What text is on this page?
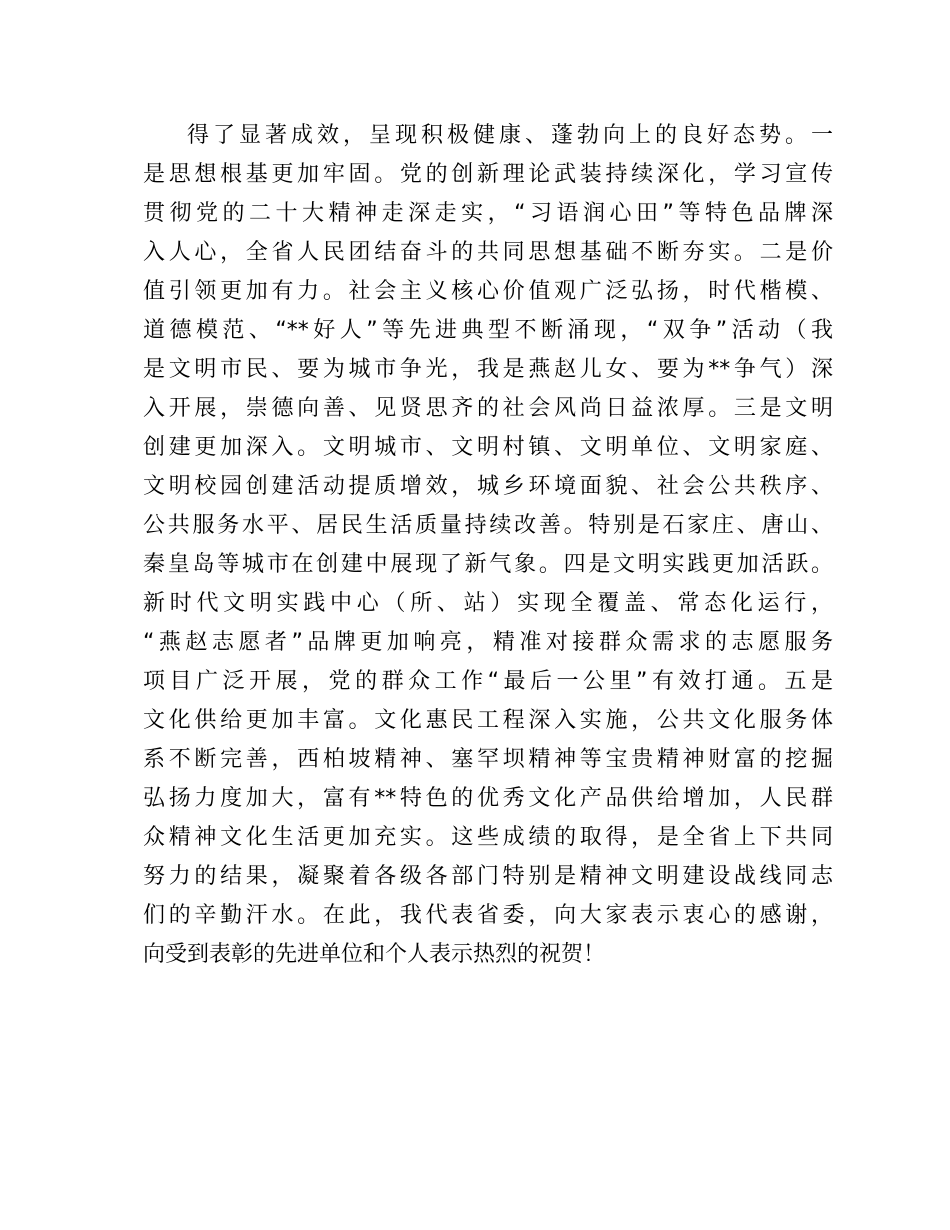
得了显著成效，呈现积极健康、蓬勃向上的良好态势。一
是思想根基更加牢固。党的创新理论武装持续深化，学习宣传
贯彻党的二十大精神走深走实，“习语润心田”等特色品牌深
入人心，全省人民团结奋斗的共同思想基础不断夯实。二是价
值引领更加有力。社会主义核心价值观广泛弘扬，时代楷模、
道德模范、“**好人”等先进典型不断涌现，“双争”活动（我
是文明市民、要为城市争光，我是燕赵儿女、要为**争气）深
入开展，崇德向善、见贤思齐的社会风尚日益浓厚。三是文明
创建更加深入。文明城市、文明村镇、文明单位、文明家庭、
文明校园创建活动提质增效，城乡环境面貌、社会公共秩序、
公共服务水平、居民生活质量持续改善。特别是石家庄、唐山、
秦皇岛等城市在创建中展现了新气象。四是文明实践更加活跃。
新时代文明实践中心（所、站）实现全覆盖、常态化运行，
“燕赵志愿者”品牌更加响亮，精准对接群众需求的志愿服务
项目广泛开展，党的群众工作“最后一公里”有效打通。五是
文化供给更加丰富。文化惠民工程深入实施，公共文化服务体
系不断完善，西柏坡精神、塞罕坝精神等宝贵精神财富的挖掘
弘扬力度加大，富有**特色的优秀文化产品供给增加，人民群
众精神文化生活更加充实。这些成绩的取得，是全省上下共同
努力的结果，凝聚着各级各部门特别是精神文明建设战线同志
们的辛勤汗水。在此，我代表省委，向大家表示衷心的感谢，
向受到表彰的先进单位和个人表示热烈的祝贺！
